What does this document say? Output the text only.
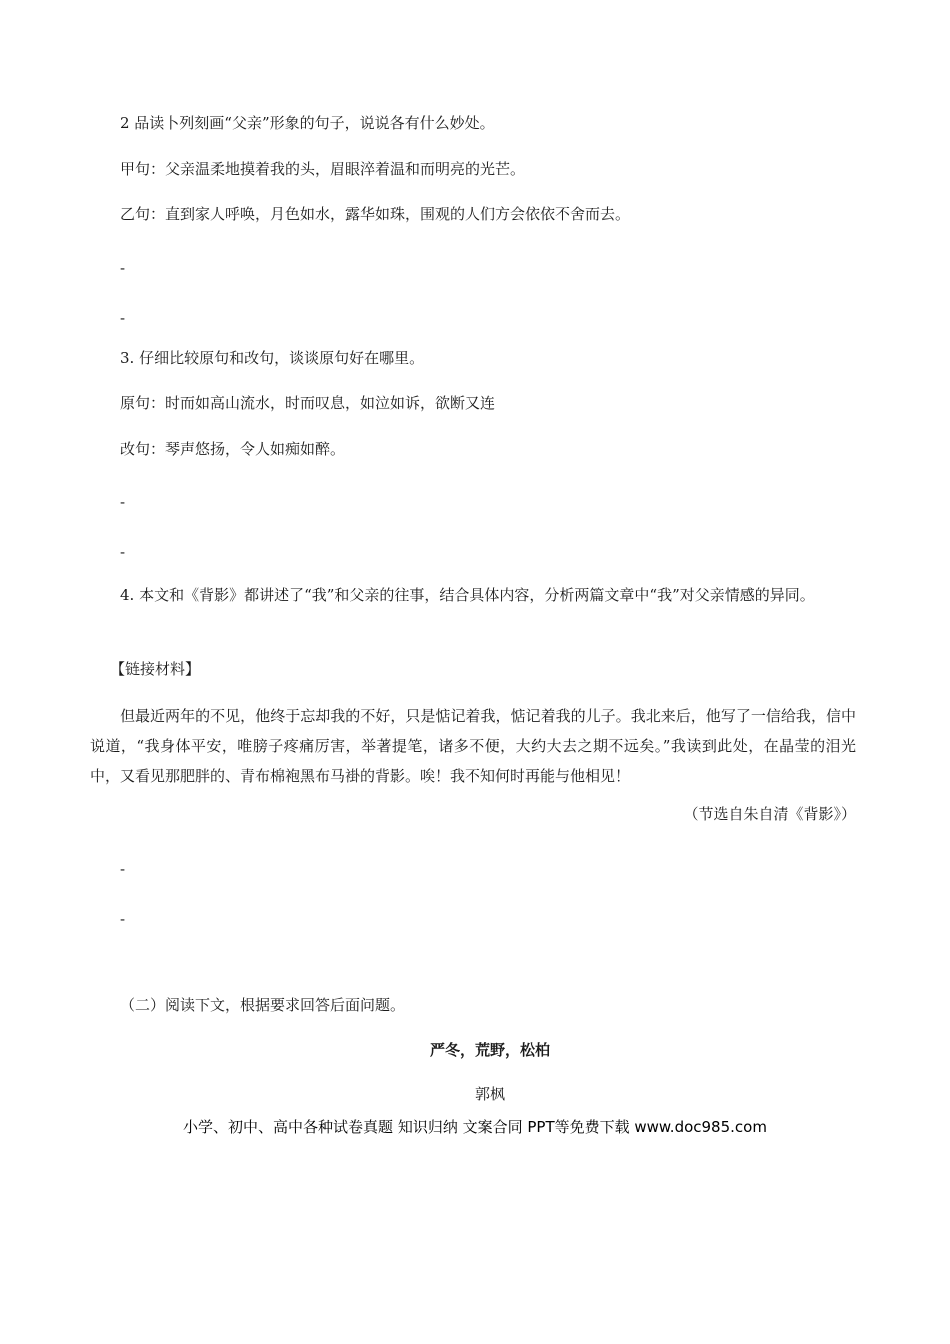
2 品读卜列刻画“父亲”形象的句子，说说各有什么妙处。
甲句：父亲温柔地摸着我的头，眉眼淬着温和而明亮的光芒。
乙句：直到家人呼唤，月色如水，露华如珠，围观的人们方会依依不舍而去。
-
-
3. 仔细比较原句和改句，谈谈原句好在哪里。
原句：时而如高山流水，时而叹息，如泣如诉，欲断又连
改句：琴声悠扬，令人如痴如醉。
-
-
4. 本文和《背影》都讲述了“我”和父亲的往事，结合具体内容，分析两篇文章中“我”对父亲情感的异同。
【链接材料】
但最近两年的不见，他终于忘却我的不好，只是惦记着我，惦记着我的儿子。我北来后，他写了一信给我，信中说道，“我身体平安，唯膀子疼痛厉害，举著提笔，诸多不便，大约大去之期不远矣。”我读到此处，在晶莹的泪光中，又看见那肥胖的、青布棉袍黑布马褂的背影。唉！我不知何时再能与他相见！
（节选自朱自清《背影》）
-
-
（二）阅读下文，根据要求回答后面问题。
严冬，荒野，松柏
郭枫
小学、初中、高中各种试卷真题 知识归纳 文案合同 PPT等免费下载 www.doc985.com
